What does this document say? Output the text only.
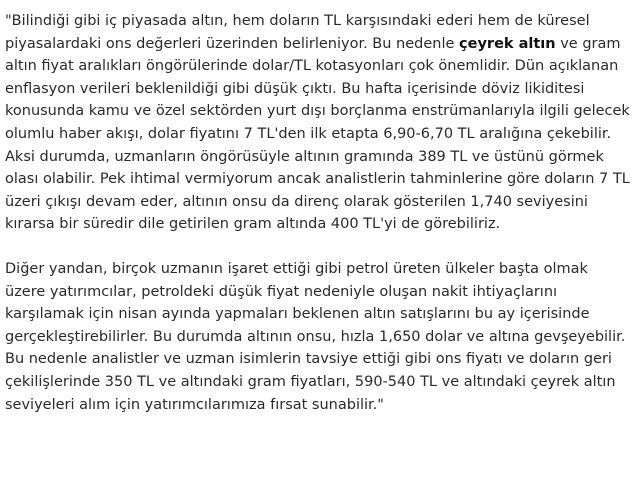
"Bilindiği gibi iç piyasada altın, hem doların TL karşısındaki ederi hem de küresel piyasalardaki ons değerleri üzerinden belirleniyor. Bu nedenle çeyrek altın ve gram altın fiyat aralıkları öngörülerinde dolar/TL kotasyonları çok önemlidir. Dün açıklanan enflasyon verileri beklenildiği gibi düşük çıktı. Bu hafta içerisinde döviz likiditesi konusunda kamu ve özel sektörden yurt dışı borçlanma enstrümanlarıyla ilgili gelecek olumlu haber akışı, dolar fiyatını 7 TL'den ilk etapta 6,90-6,70 TL aralığına çekebilir. Aksi durumda, uzmanların öngörüsüyle altının gramında 389 TL ve üstünü görmek olası olabilir. Pek ihtimal vermiyorum ancak analistlerin tahminlerine göre doların 7 TL üzeri çıkışı devam eder, altının onsu da direnç olarak gösterilen 1,740 seviyesini kırarsa bir süredir dile getirilen gram altında 400 TL'yi de görebiliriz.

Diğer yandan, birçok uzmanın işaret ettiği gibi petrol üreten ülkeler başta olmak üzere yatırımcılar, petroldeki düşük fiyat nedeniyle oluşan nakit ihtiyaçlarını karşılamak için nisan ayında yapmaları beklenen altın satışlarını bu ay içerisinde gerçekleştirebilirler. Bu durumda altının onsu, hızla 1,650 dolar ve altına gevşeyebilir. Bu nedenle analistler ve uzman isimlerin tavsiye ettiği gibi ons fiyatı ve doların geri çekilişlerinde 350 TL ve altındaki gram fiyatları, 590-540 TL ve altındaki çeyrek altın seviyeleri alım için yatırımcılarımıza fırsat sunabilir."
